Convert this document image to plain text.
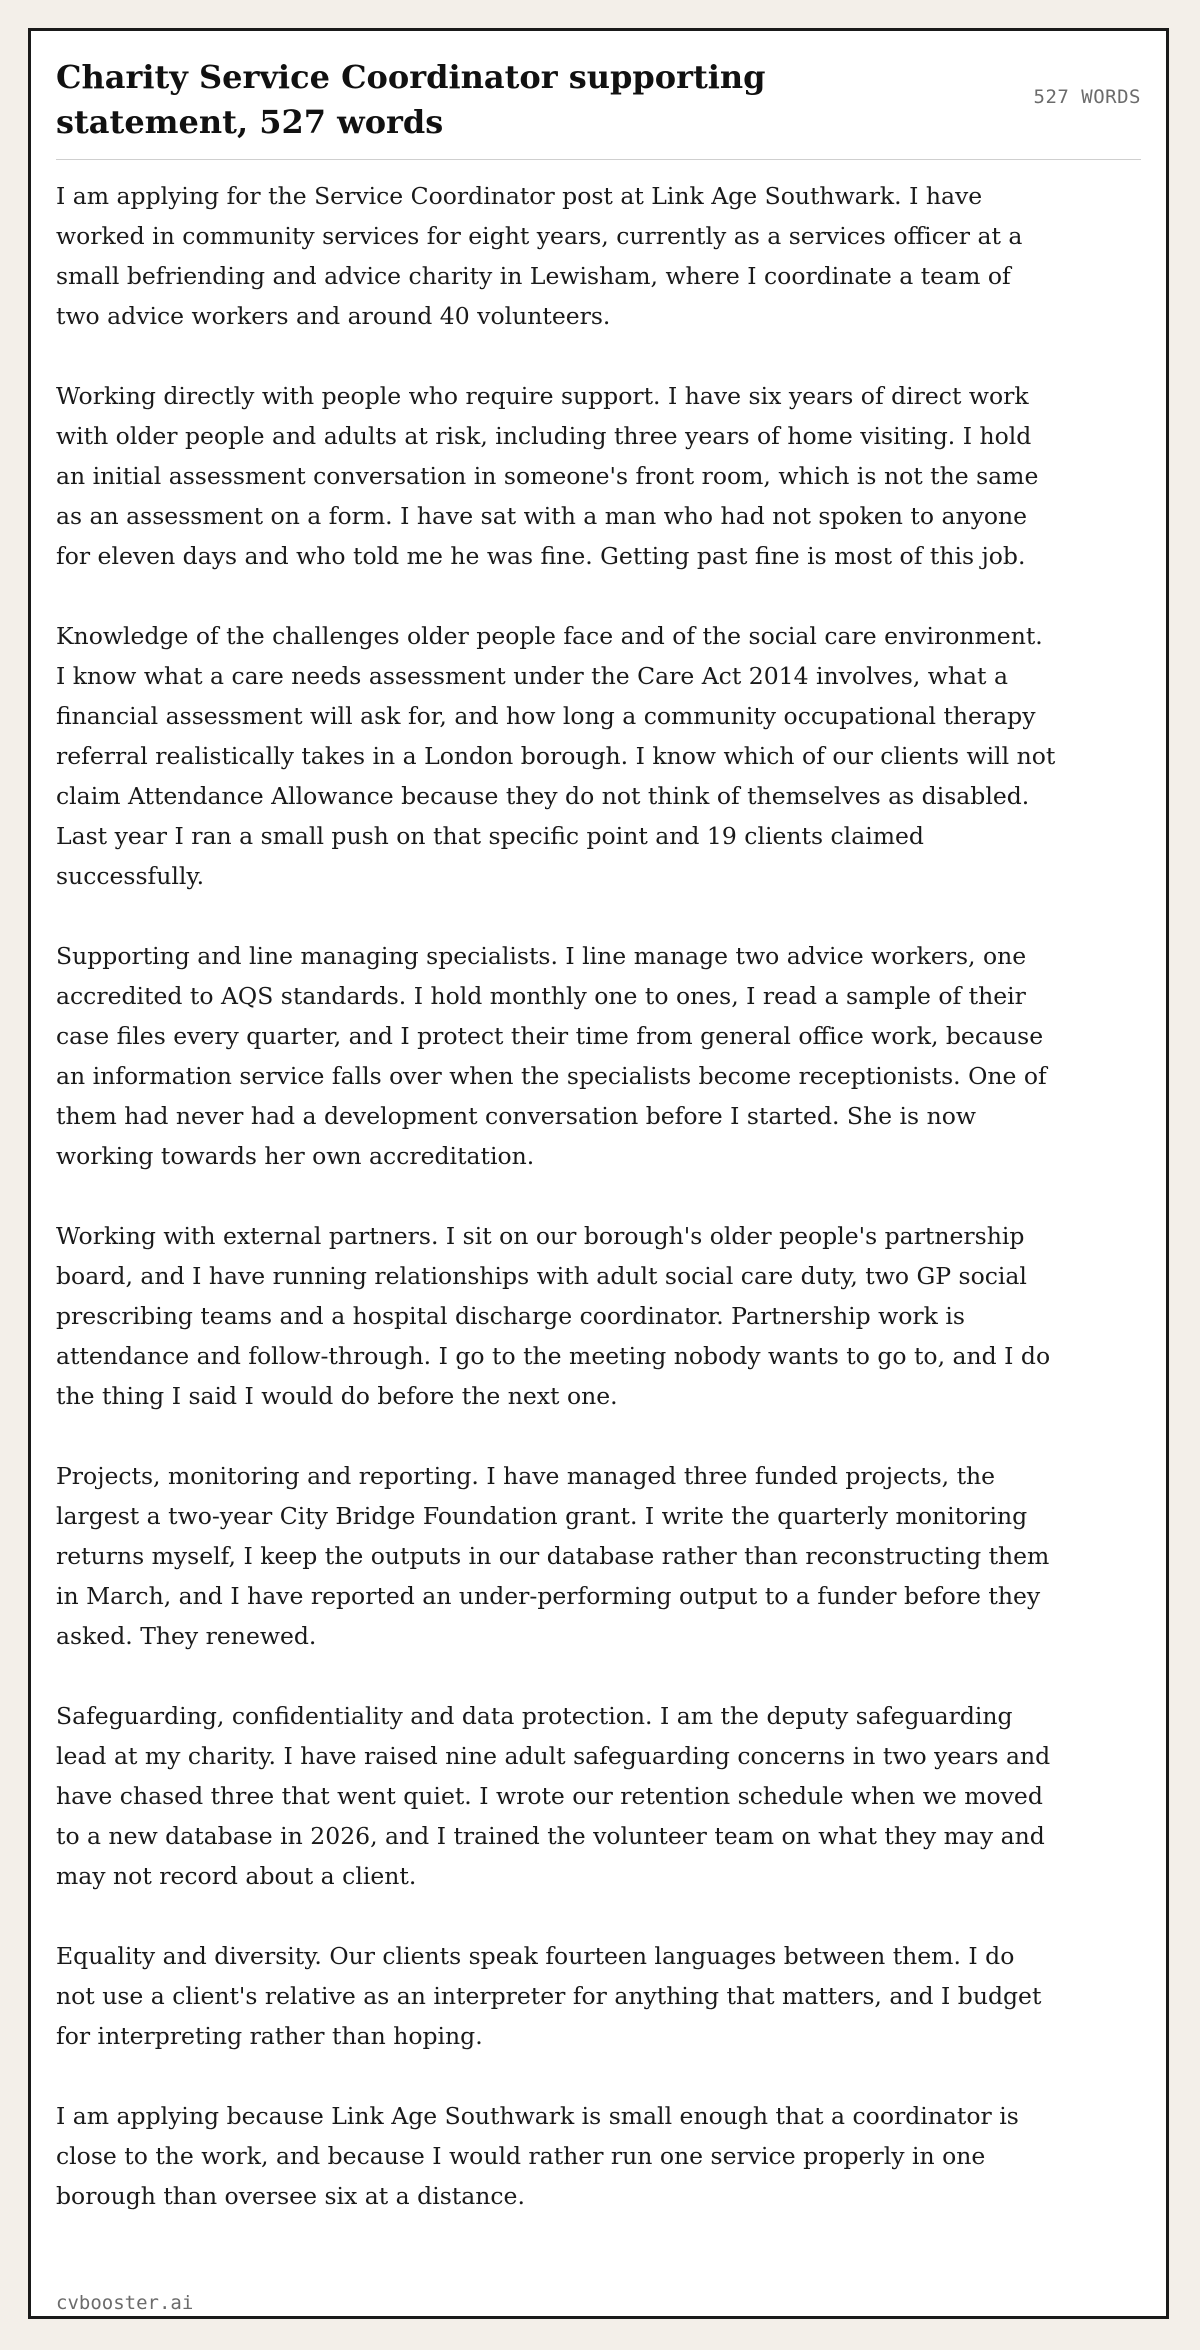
Charity Service Coordinator supporting statement, 527 words
527 WORDS

I am applying for the Service Coordinator post at Link Age Southwark. I have worked in community services for eight years, currently as a services officer at a small befriending and advice charity in Lewisham, where I coordinate a team of two advice workers and around 40 volunteers.

Working directly with people who require support. I have six years of direct work with older people and adults at risk, including three years of home visiting. I hold an initial assessment conversation in someone's front room, which is not the same as an assessment on a form. I have sat with a man who had not spoken to anyone for eleven days and who told me he was fine. Getting past fine is most of this job.

Knowledge of the challenges older people face and of the social care environment. I know what a care needs assessment under the Care Act 2014 involves, what a financial assessment will ask for, and how long a community occupational therapy referral realistically takes in a London borough. I know which of our clients will not claim Attendance Allowance because they do not think of themselves as disabled. Last year I ran a small push on that specific point and 19 clients claimed successfully.

Supporting and line managing specialists. I line manage two advice workers, one accredited to AQS standards. I hold monthly one to ones, I read a sample of their case files every quarter, and I protect their time from general office work, because an information service falls over when the specialists become receptionists. One of them had never had a development conversation before I started. She is now working towards her own accreditation.

Working with external partners. I sit on our borough's older people's partnership board, and I have running relationships with adult social care duty, two GP social prescribing teams and a hospital discharge coordinator. Partnership work is attendance and follow-through. I go to the meeting nobody wants to go to, and I do the thing I said I would do before the next one.

Projects, monitoring and reporting. I have managed three funded projects, the largest a two-year City Bridge Foundation grant. I write the quarterly monitoring returns myself, I keep the outputs in our database rather than reconstructing them in March, and I have reported an under-performing output to a funder before they asked. They renewed.

Safeguarding, confidentiality and data protection. I am the deputy safeguarding lead at my charity. I have raised nine adult safeguarding concerns in two years and have chased three that went quiet. I wrote our retention schedule when we moved to a new database in 2026, and I trained the volunteer team on what they may and may not record about a client.

Equality and diversity. Our clients speak fourteen languages between them. I do not use a client's relative as an interpreter for anything that matters, and I budget for interpreting rather than hoping.

I am applying because Link Age Southwark is small enough that a coordinator is close to the work, and because I would rather run one service properly in one borough than oversee six at a distance.

cvbooster.ai
